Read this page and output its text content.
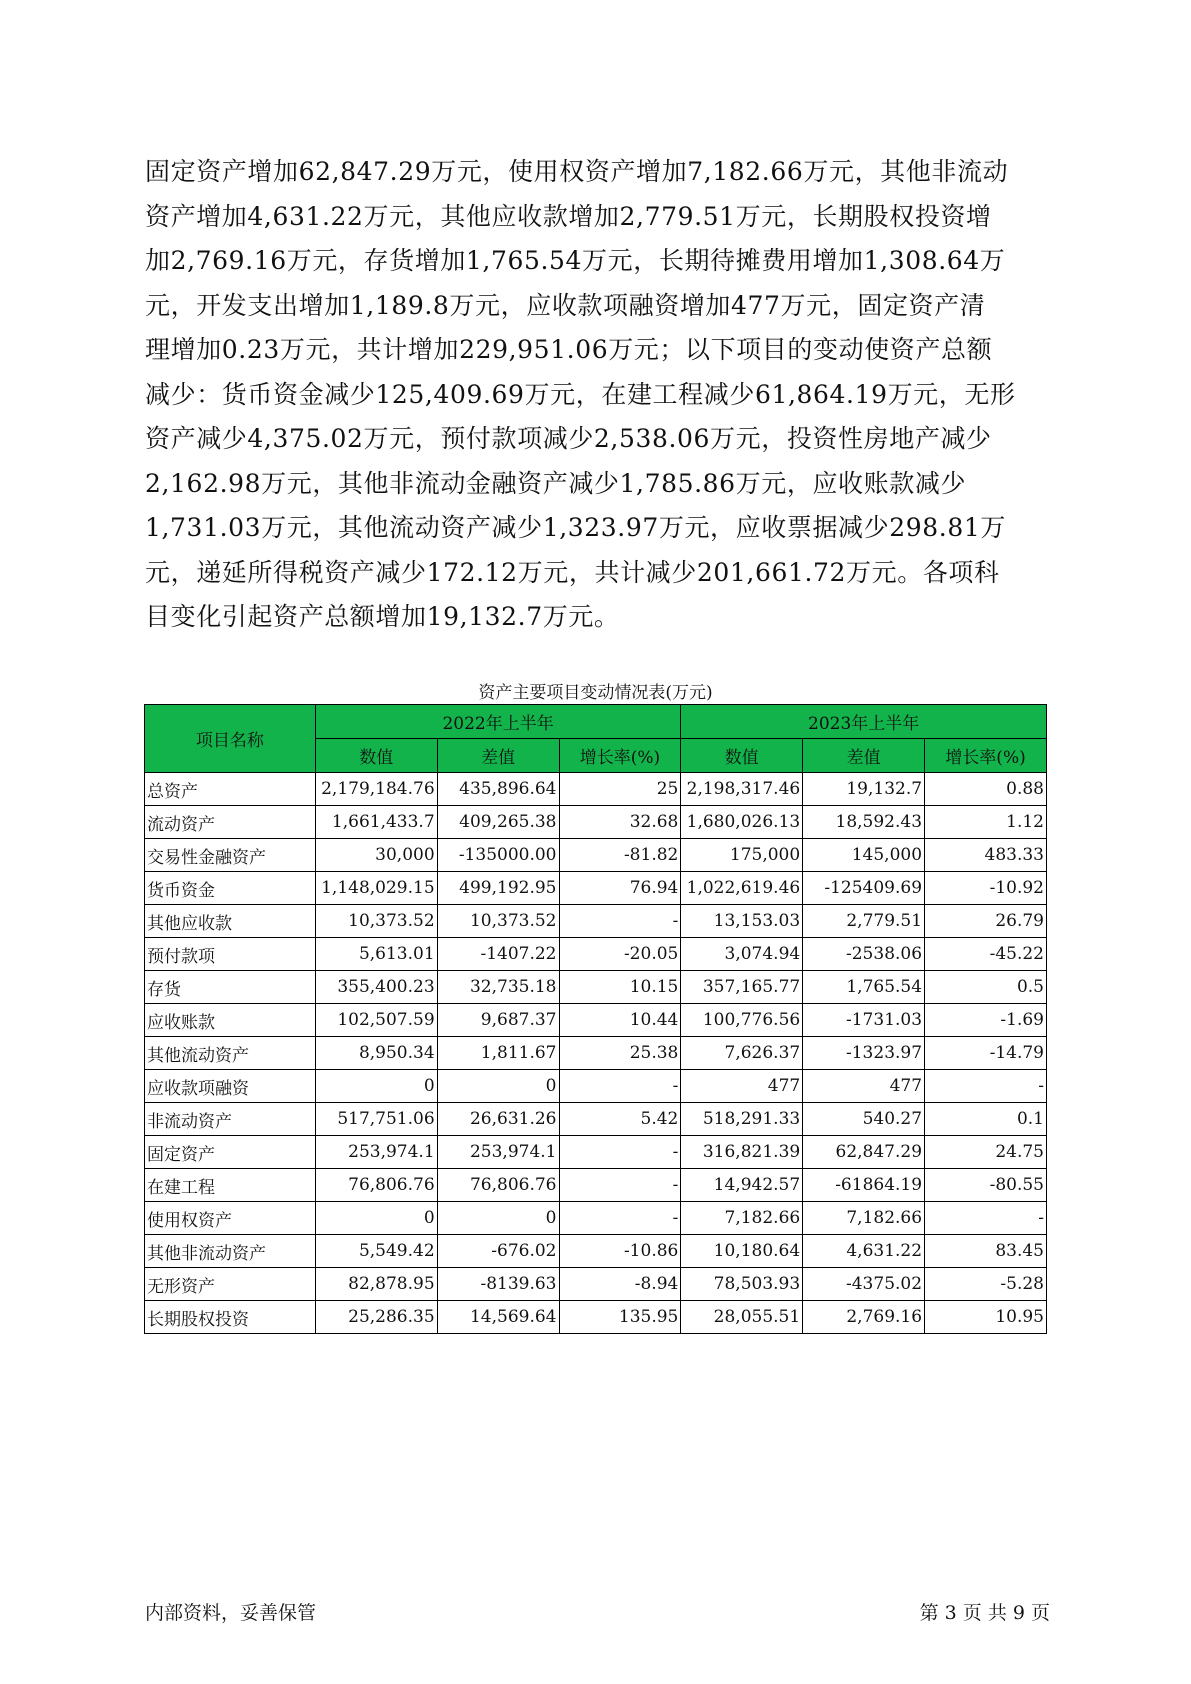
固定资产增加62,847.29万元，使用权资产增加7,182.66万元，其他非流动

资产增加4,631.22万元，其他应收款增加2,779.51万元，长期股权投资增

加2,769.16万元，存货增加1,765.54万元，长期待摊费用增加1,308.64万

元，开发支出增加1,189.8万元，应收款项融资增加477万元，固定资产清

理增加0.23万元，共计增加229,951.06万元；以下项目的变动使资产总额

减少：货币资金减少125,409.69万元，在建工程减少61,864.19万元，无形

资产减少4,375.02万元，预付款项减少2,538.06万元，投资性房地产减少

2,162.98万元，其他非流动金融资产减少1,785.86万元，应收账款减少

1,731.03万元，其他流动资产减少1,323.97万元，应收票据减少298.81万

元，递延所得税资产减少172.12万元，共计减少201,661.72万元。各项科

目变化引起资产总额增加19,132.7万元。

资产主要项目变动情况表(万元)
项目名称	2022年上半年			2023年上半年		
	数值	差值	增长率(%)	数值	差值	增长率(%)
总资产	2,179,184.76	435,896.64	25	2,198,317.46	19,132.7	0.88
流动资产	1,661,433.7	409,265.38	32.68	1,680,026.13	18,592.43	1.12
交易性金融资产	30,000	-135000.00	-81.82	175,000	145,000	483.33
货币资金	1,148,029.15	499,192.95	76.94	1,022,619.46	-125409.69	-10.92
其他应收款	10,373.52	10,373.52	-	13,153.03	2,779.51	26.79
预付款项	5,613.01	-1407.22	-20.05	3,074.94	-2538.06	-45.22
存货	355,400.23	32,735.18	10.15	357,165.77	1,765.54	0.5
应收账款	102,507.59	9,687.37	10.44	100,776.56	-1731.03	-1.69
其他流动资产	8,950.34	1,811.67	25.38	7,626.37	-1323.97	-14.79
应收款项融资	0	0	-	477	477	-
非流动资产	517,751.06	26,631.26	5.42	518,291.33	540.27	0.1
固定资产	253,974.1	253,974.1	-	316,821.39	62,847.29	24.75
在建工程	76,806.76	76,806.76	-	14,942.57	-61864.19	-80.55
使用权资产	0	0	-	7,182.66	7,182.66	-
其他非流动资产	5,549.42	-676.02	-10.86	10,180.64	4,631.22	83.45
无形资产	82,878.95	-8139.63	-8.94	78,503.93	-4375.02	-5.28
长期股权投资	25,286.35	14,569.64	135.95	28,055.51	2,769.16	10.95
内部资料，妥善保管	第 3 页 共 9 页
